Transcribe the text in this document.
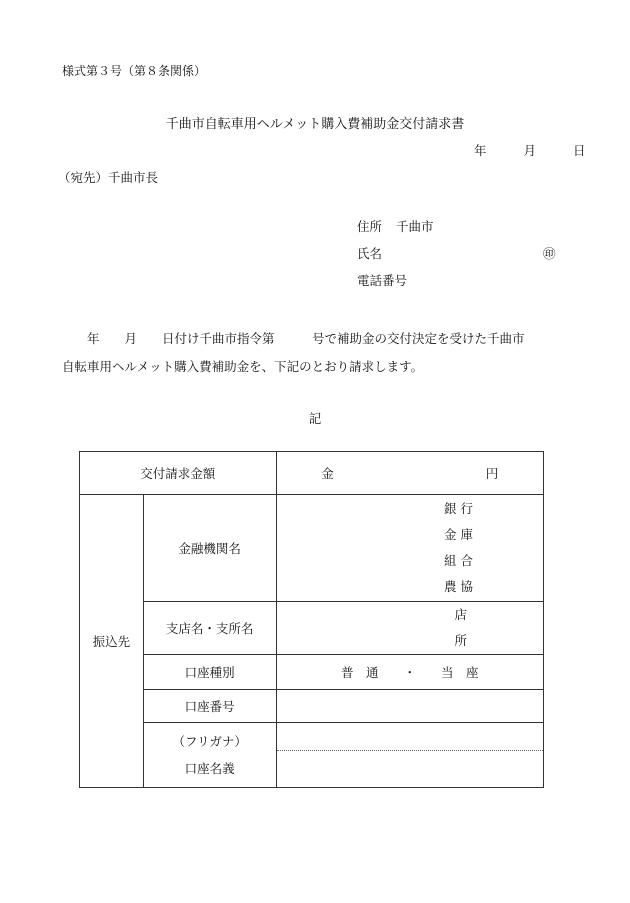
様式第３号（第８条関係）
千曲市自転車用ヘルメット購入費補助金交付請求書
年	月	日
（宛先）千曲市長
住所 千曲市
氏名	㊞
電話番号
　　年　　月　　日付け千曲市指令第　　　号で補助金の交付決定を受けた千曲市
自転車用ヘルメット購入費補助金を、下記のとおり請求します。
記
交付請求金額		金 円
振込先	金融機関名	銀 行
金 庫
組 合
農 協

	支店名・支所名	店
所

	口座種別	普　通　　・　　当　座
	口座番号	

	（フリガナ）
口座名義	
